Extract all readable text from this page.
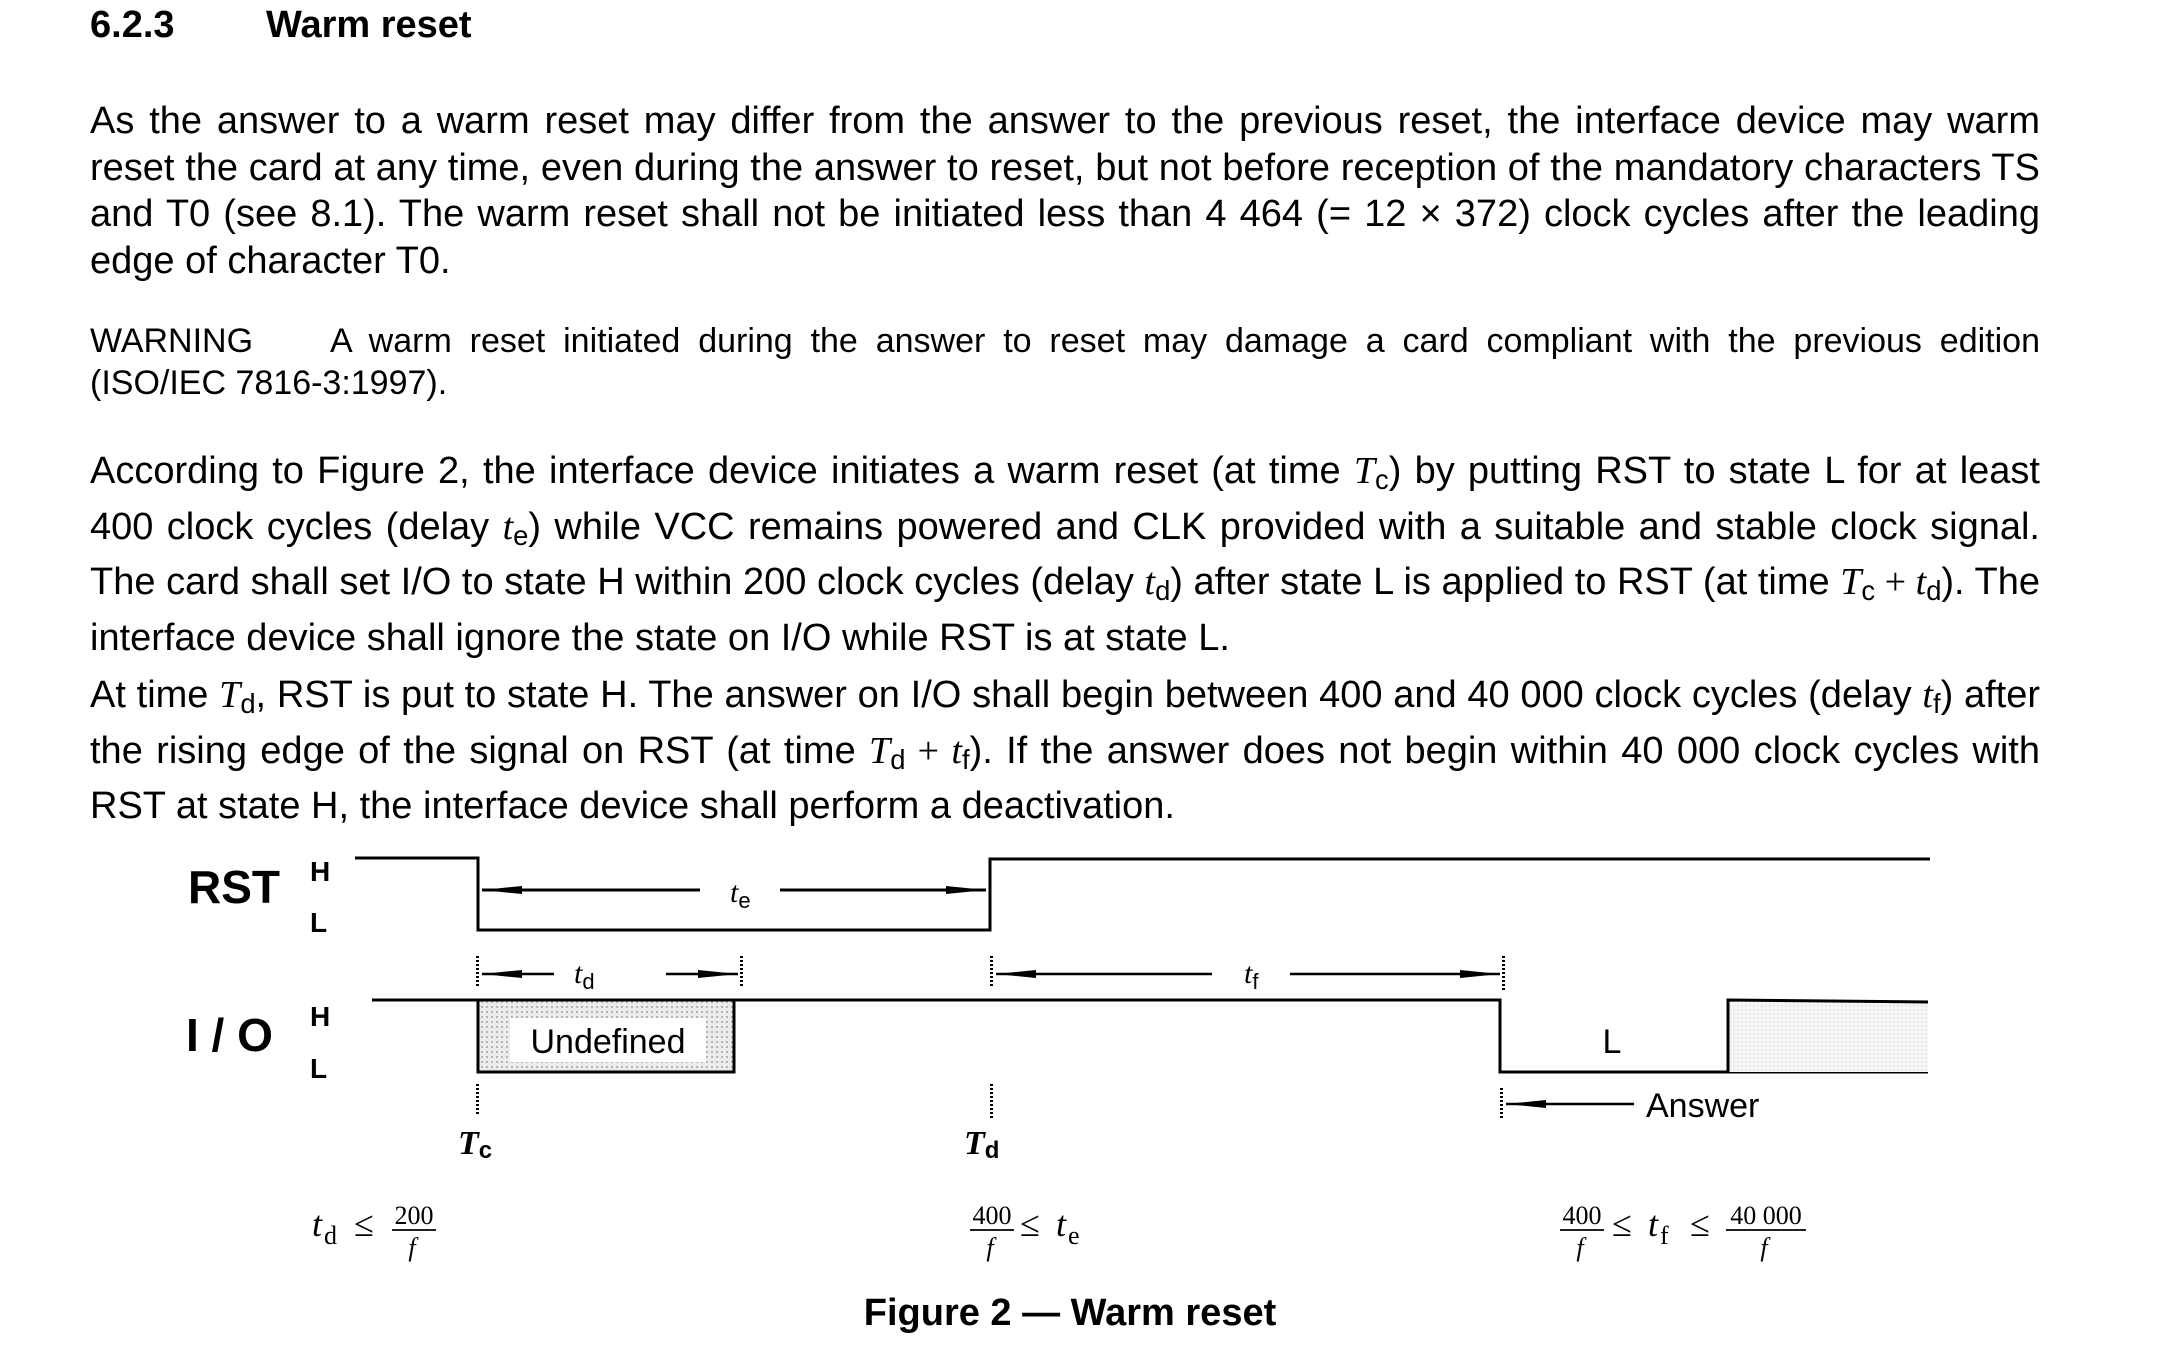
6.2.3 Warm reset
As the answer to a warm reset may differ from the answer to the previous reset, the interface device may warm reset the card at any time, even during the answer to reset, but not before reception of the mandatory characters TS and T0 (see 8.1). The warm reset shall not be initiated less than 4 464 (= 12 × 372) clock cycles after the leading edge of character T0.
WARNING A warm reset initiated during the answer to reset may damage a card compliant with the previous edition (ISO/IEC 7816-3:1997).
According to Figure 2, the interface device initiates a warm reset (at time $T_c$) by putting RST to state L for at least 400 clock cycles (delay $t_e$) while VCC remains powered and CLK provided with a suitable and stable clock signal. The card shall set I/O to state H within 200 clock cycles (delay $t_d$) after state L is applied to RST (at time $T_c + t_d$). The interface device shall ignore the state on I/O while RST is at state L.
At time $T_d$, RST is put to state H. The answer on I/O shall begin between 400 and 40 000 clock cycles (delay $t_f$) after the rising edge of the signal on RST (at time $T_d + t_f$). If the answer does not begin within 40 000 clock cycles with RST at state H, the interface device shall perform a deactivation.
RST H
L
I / O H
L
$t_e$
Undefined	L
$t_d$	$t_f$
Answer
Tc	Td
t d ≤ 200
f
400
f
≤ t e
400
f
≤ t f ≤ 40 000
f
Figure 2 — Warm reset
